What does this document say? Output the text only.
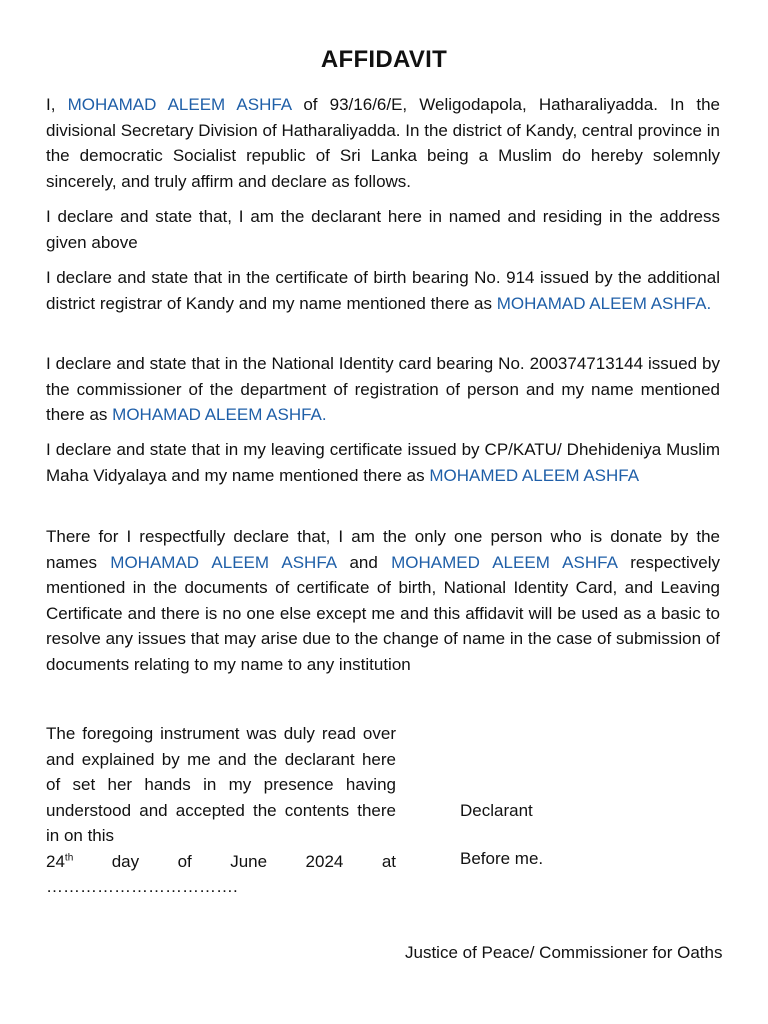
AFFIDAVIT

I, MOHAMAD ALEEM ASHFA of 93/16/6/E, Weligodapola, Hatharaliyadda. In the divisional Secretary Division of Hatharaliyadda. In the district of Kandy, central province in the democratic Socialist republic of Sri Lanka being a Muslim do hereby solemnly sincerely, and truly affirm and declare as follows.

I declare and state that, I am the declarant here in named and residing in the address given above

I declare and state that in the certificate of birth bearing No. 914 issued by the additional district registrar of Kandy and my name mentioned there as MOHAMAD ALEEM ASHFA.

I declare and state that in the National Identity card bearing No. 200374713144 issued by the commissioner of the department of registration of person and my name mentioned there as MOHAMAD ALEEM ASHFA.

I declare and state that in my leaving certificate issued by CP/KATU/ Dhehideniya Muslim Maha Vidyalaya and my name mentioned there as MOHAMED ALEEM ASHFA

There for I respectfully declare that, I am the only one person who is donate by the names MOHAMAD ALEEM ASHFA and MOHAMED ALEEM ASHFA respectively mentioned in the documents of certificate of birth, National Identity Card, and Leaving Certificate and there is no one else except me and this affidavit will be used as a basic to resolve any issues that may arise due to the change of name in the case of submission of documents relating to my name to any institution

The foregoing instrument was duly read over and explained by me and the declarant here of set her hands in my presence having understood and accepted the contents there in on this
24th day of June 2024 at
…………………………….

Declarant
Before me.
Justice of Peace/ Commissioner for Oaths
